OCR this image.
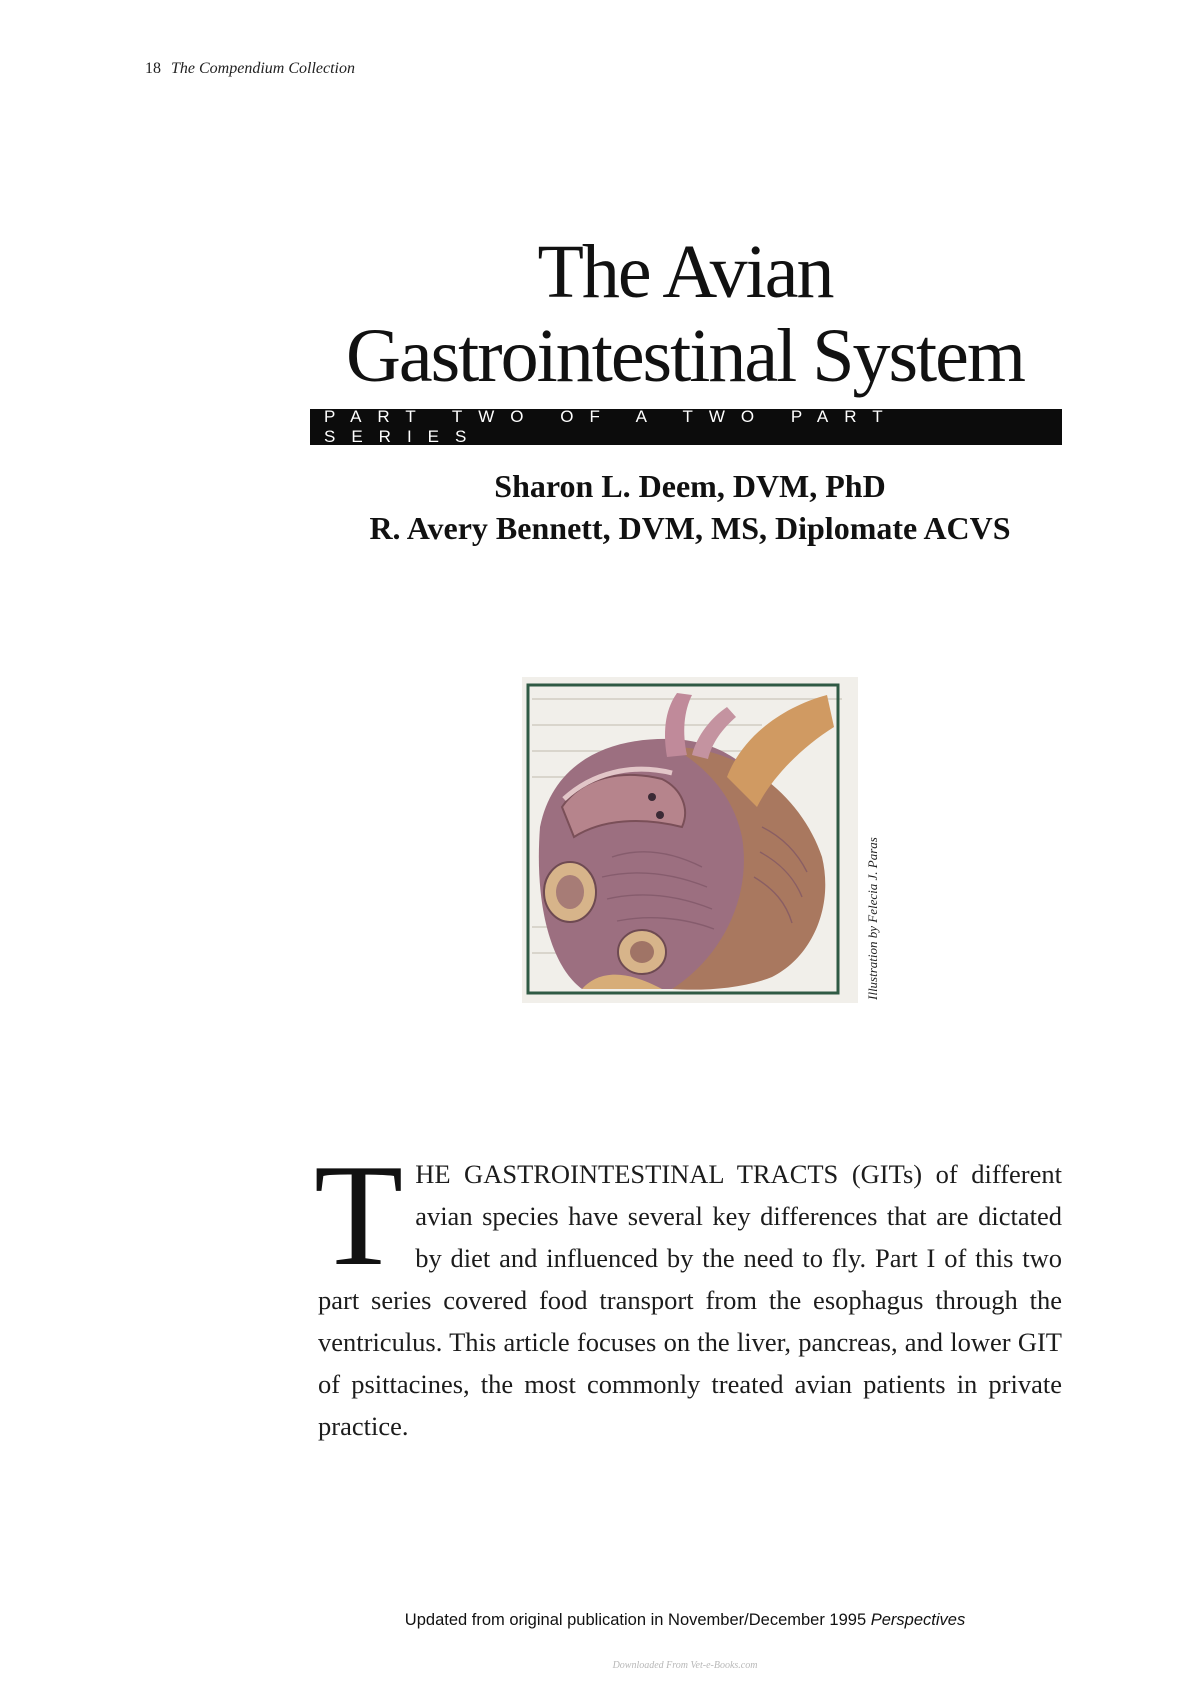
18 The Compendium Collection
The Avian
Gastrointestinal System
PART TWO OF A TWO PART SERIES
Sharon L. Deem, DVM, PhD
R. Avery Bennett, DVM, MS, Diplomate ACVS
Illustration by Felecia J. Paras

THE GASTROINTESTINAL TRACTS (GITs) of different avian species have several key differences that are dictated by diet and influenced by the need to fly. Part I of this two part series covered food transport from the esophagus through the ventriculus. This article focuses on the liver, pancreas, and lower GIT of psittacines, the most commonly treated avian patients in private practice.

Updated from original publication in November/December 1995 Perspectives
Downloaded From Vet-e-Books.com
